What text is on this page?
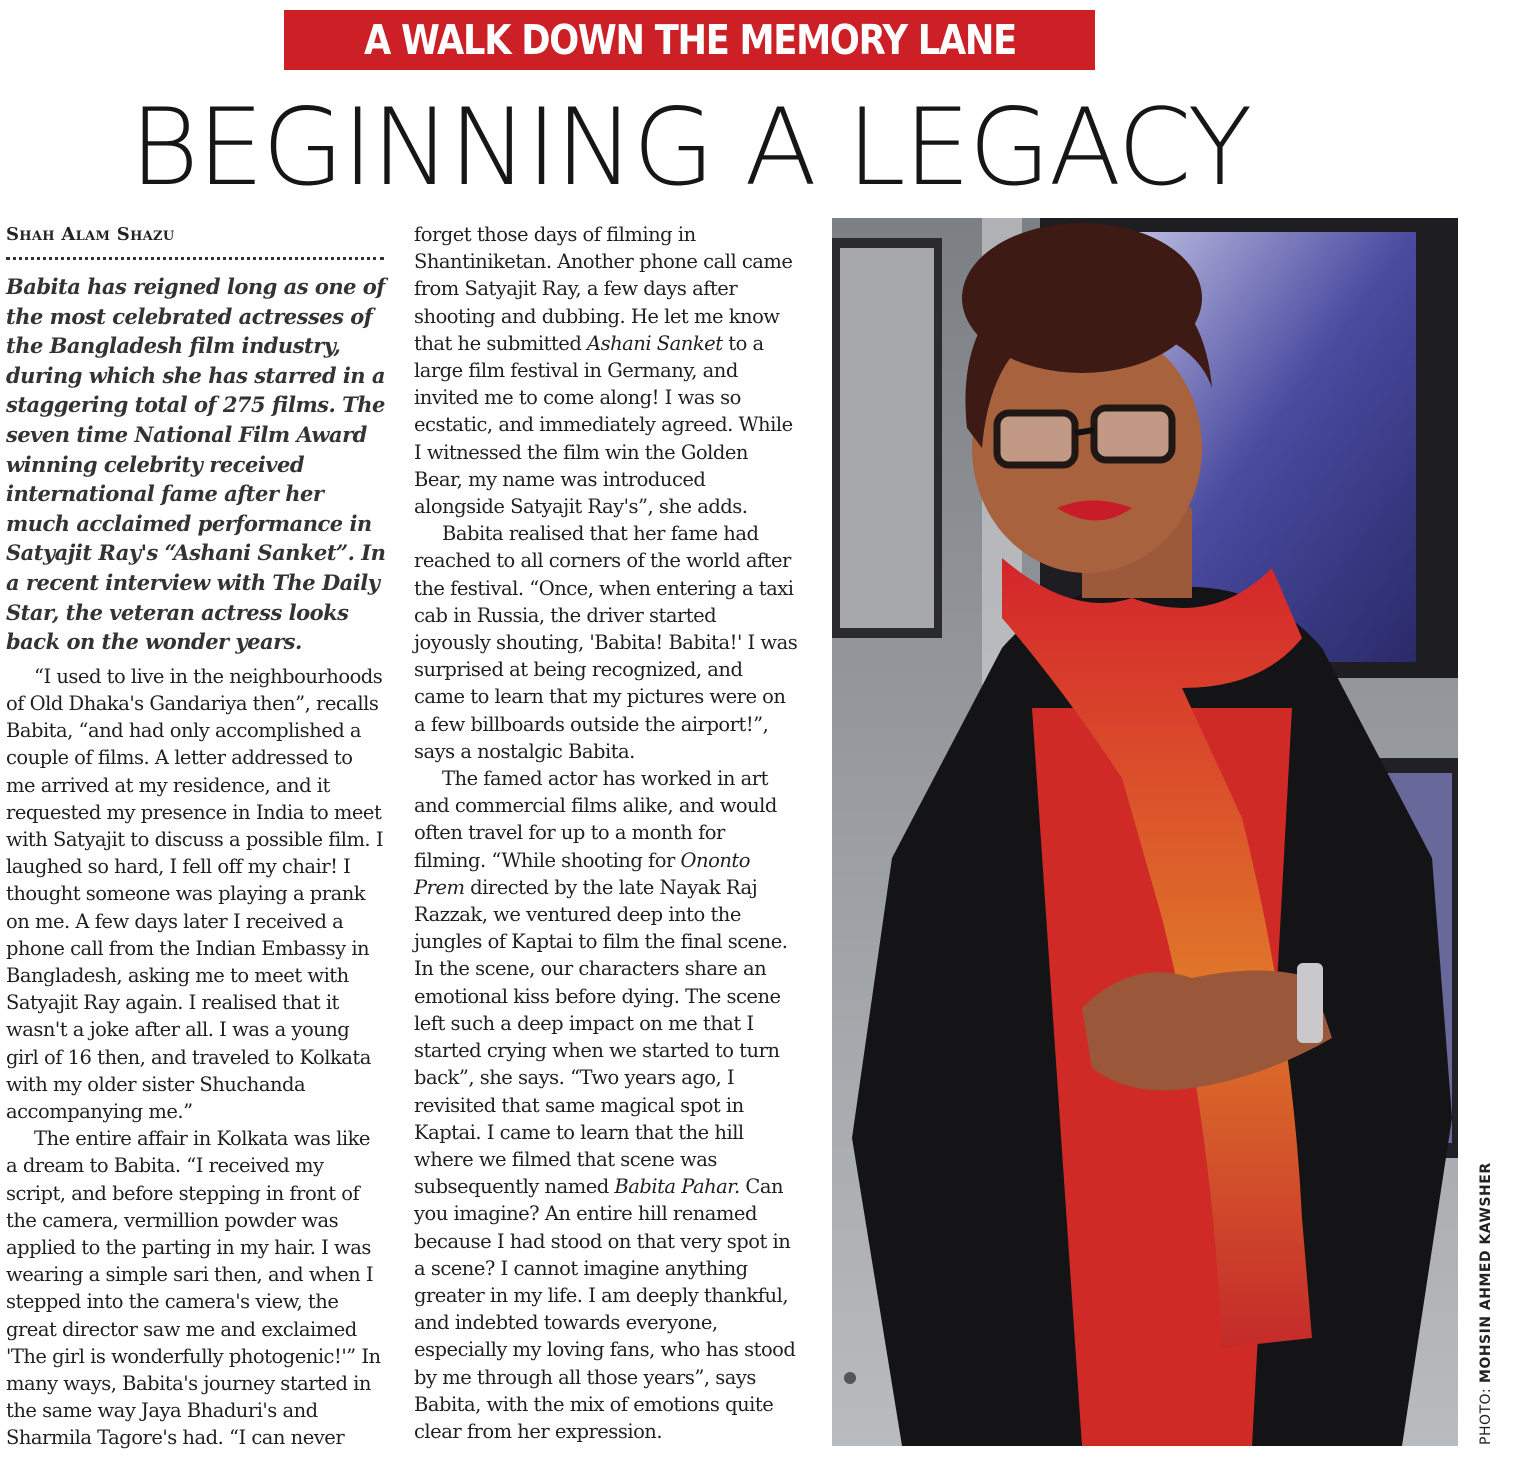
A WALK DOWN THE MEMORY LANE
BEGINNING A LEGACY
Shah Alam Shazu

Babita has reigned long as one of the most celebrated actresses of the Bangladesh film industry, during which she has starred in a staggering total of 275 films. The seven time National Film Award winning celebrity received international fame after her much acclaimed performance in Satyajit Ray's “Ashani Sanket”. In a recent interview with The Daily Star, the veteran actress looks back on the wonder years.

“I used to live in the neighbourhoods of Old Dhaka's Gandariya then”, recalls Babita, “and had only accomplished a couple of films. A letter addressed to me arrived at my residence, and it requested my presence in India to meet with Satyajit to discuss a possible film. I laughed so hard, I fell off my chair! I thought someone was playing a prank on me. A few days later I received a phone call from the Indian Embassy in Bangladesh, asking me to meet with Satyajit Ray again. I realised that it wasn't a joke after all. I was a young girl of 16 then, and traveled to Kolkata with my older sister Shuchanda accompanying me.”

The entire affair in Kolkata was like a dream to Babita. “I received my script, and before stepping in front of the camera, vermillion powder was applied to the parting in my hair. I was wearing a simple sari then, and when I stepped into the camera's view, the great director saw me and exclaimed 'The girl is wonderfully photogenic!'” In many ways, Babita's journey started in the same way Jaya Bhaduri's and Sharmila Tagore's had. “I can never

forget those days of filming in Shantiniketan. Another phone call came from Satyajit Ray, a few days after shooting and dubbing. He let me know that he submitted Ashani Sanket to a large film festival in Germany, and invited me to come along! I was so ecstatic, and immediately agreed. While I witnessed the film win the Golden Bear, my name was introduced alongside Satyajit Ray's”, she adds.

Babita realised that her fame had reached to all corners of the world after the festival. “Once, when entering a taxi cab in Russia, the driver started joyously shouting, 'Babita! Babita!' I was surprised at being recognized, and came to learn that my pictures were on a few billboards outside the airport!”, says a nostalgic Babita.

The famed actor has worked in art and commercial films alike, and would often travel for up to a month for filming. “While shooting for Ononto Prem directed by the late Nayak Raj Razzak, we ventured deep into the jungles of Kaptai to film the final scene. In the scene, our characters share an emotional kiss before dying. The scene left such a deep impact on me that I started crying when we started to turn back”, she says. “Two years ago, I revisited that same magical spot in Kaptai. I came to learn that the hill where we filmed that scene was subsequently named Babita Pahar. Can you imagine? An entire hill renamed because I had stood on that very spot in a scene? I cannot imagine anything greater in my life. I am deeply thankful, and indebted towards everyone, especially my loving fans, who has stood by me through all those years”, says Babita, with the mix of emotions quite clear from her expression.	PHOTO: MOHSIN AHMED KAWSHER
